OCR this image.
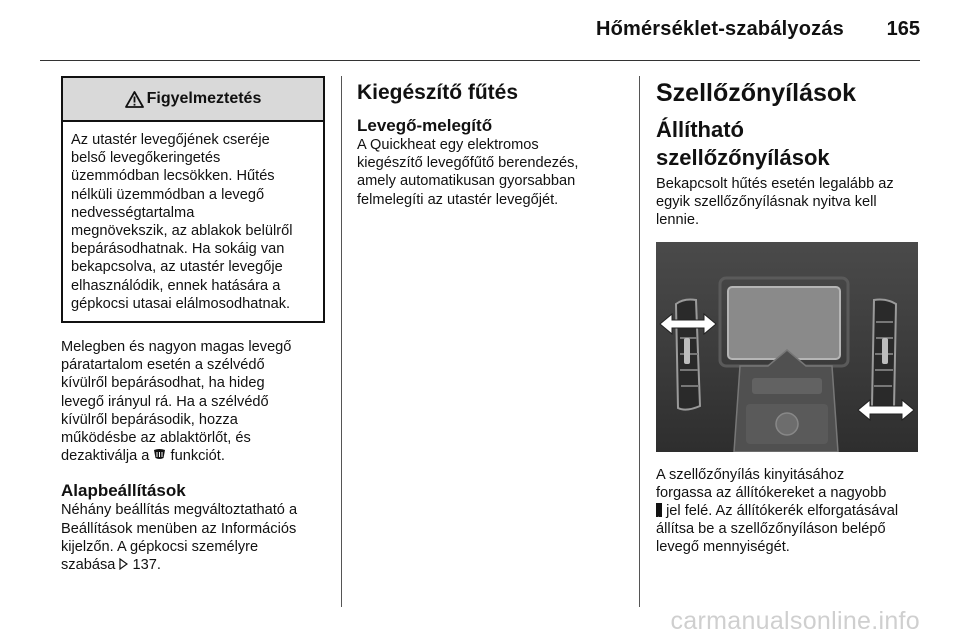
Hőmérséklet-szabályozás 165
Figyelmeztetés
Az utastér levegőjének cseréje
belső levegőkeringetés
üzemmódban lecsökken. Hűtés
nélküli üzemmódban a levegő
nedvességtartalma
megnövekszik, az ablakok belülről
bepárásodhatnak. Ha sokáig van
bekapcsolva, az utastér levegője
elhasználódik, ennek hatására a
gépkocsi utasai elálmosodhatnak.
Melegben és nagyon magas levegő
páratartalom esetén a szélvédő
kívülről bepárásodhat, ha hideg
levegő irányul rá. Ha a szélvédő
kívülről bepárásodik, hozza
működésbe az ablaktörlőt, és
dezaktiválja a  funkciót.
Alapbeállítások
Néhány beállítás megváltoztatható a
Beállítások menüben az Információs
kijelzőn. A gépkocsi személyre
szabása  137.
Kiegészítő fűtés
Levegő-melegítő
A Quickheat egy elektromos
kiegészítő levegőfűtő berendezés,
amely automatikusan gyorsabban
felmelegíti az utastér levegőjét.
Szellőzőnyílások
Állítható szellőzőnyílások
Bekapcsolt hűtés esetén legalább az
egyik szellőzőnyílásnak nyitva kell
lennie.
A szellőzőnyílás kinyitásához
forgassa az állítókereket a nagyobb
jel felé. Az állítókerék elforgatásával
állítsa be a szellőzőnyíláson belépő
levegő mennyiségét.
carmanualsonline.info
